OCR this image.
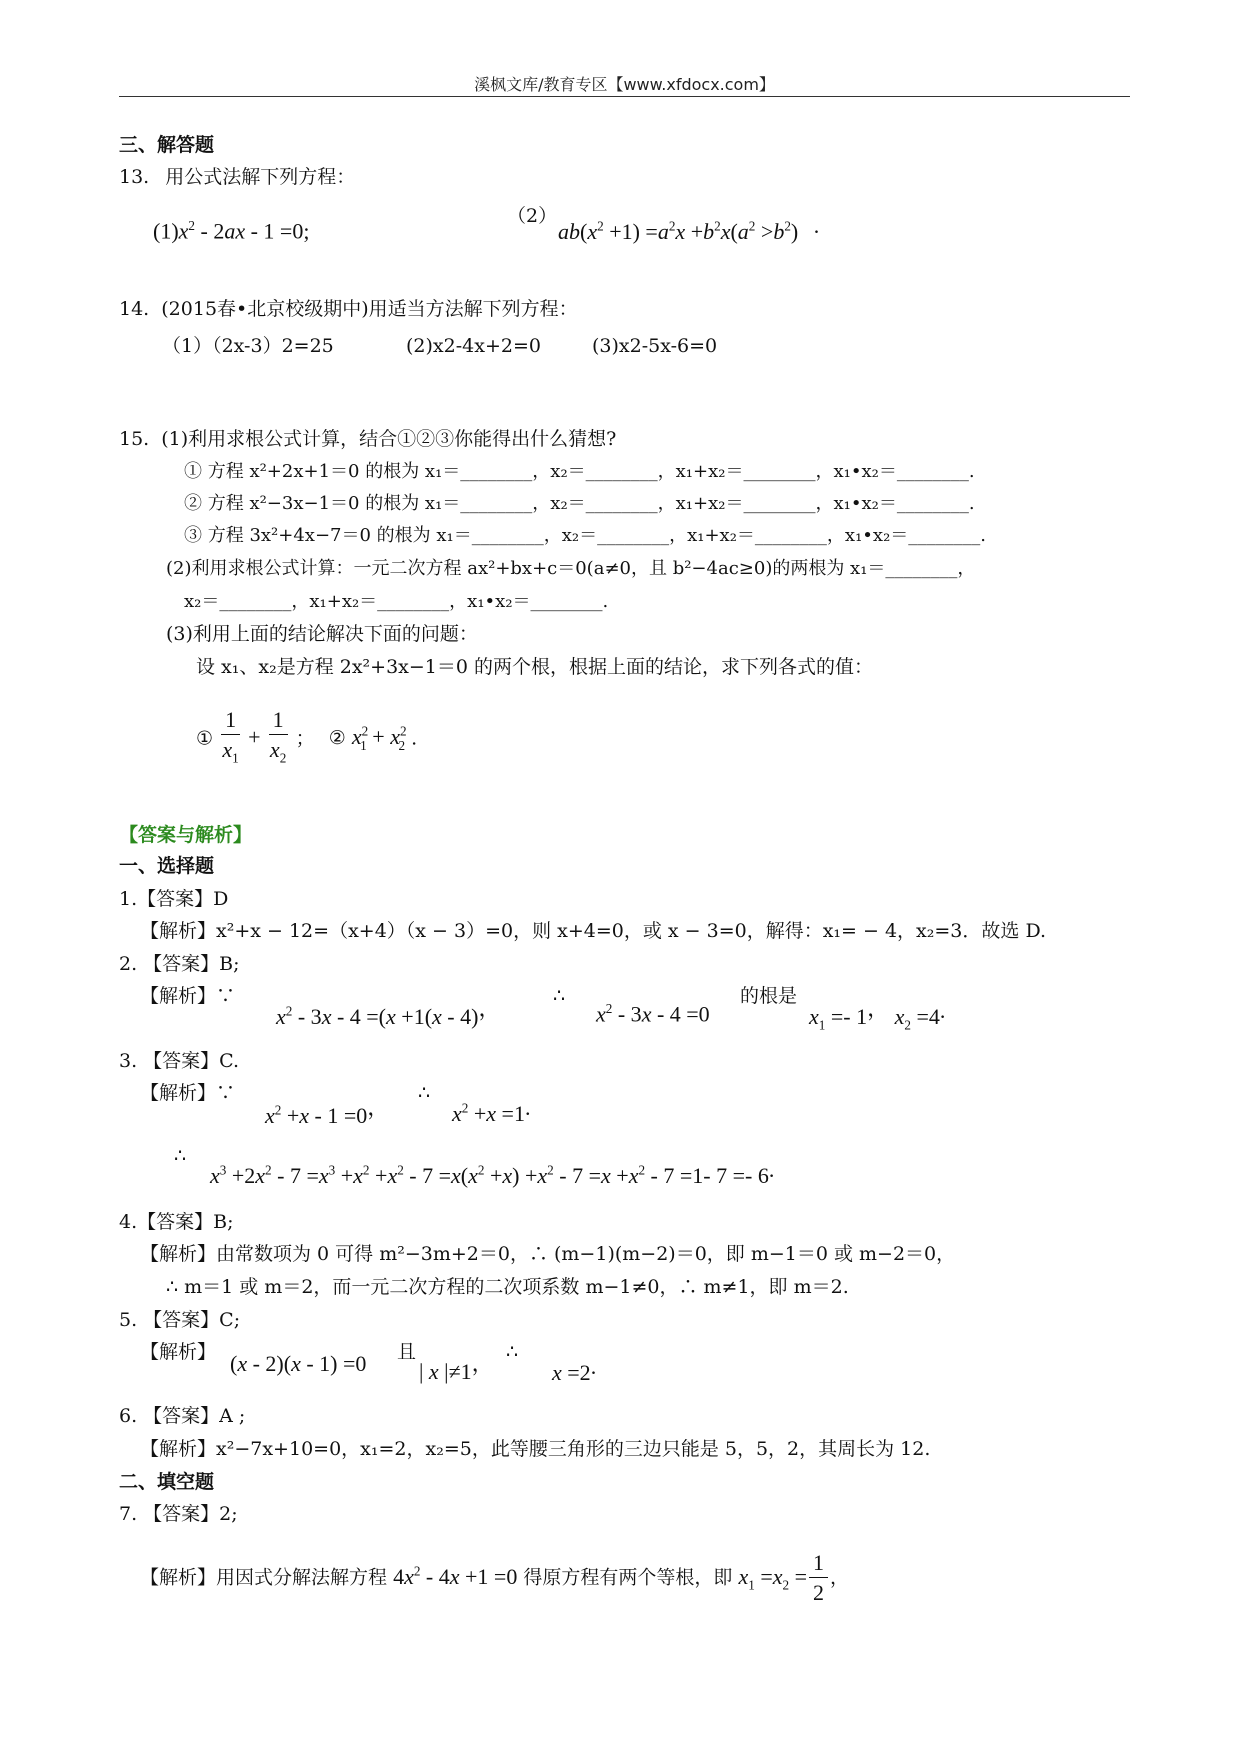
溪枫文库/教育专区【www.xfdocx.com】
三、解答题
13. 用公式法解下列方程：
$(1)x^2 - 2ax - 1 =0$;
（2）
$ab(x^2 +1) =a^2x +b^2x(a^2 >b^2)$ .
14. (2015春•北京校级期中)用适当方法解下列方程：
（1）（2x-3）2=25	(2)x2-4x+2=0	(3)x2-5x-6=0
15. (1)利用求根公式计算，结合①②③你能得出什么猜想?
① 方程 x²+2x+1＝0 的根为 x₁＝________，x₂＝________，x₁+x₂＝________，x₁•x₂＝________.
② 方程 x²−3x−1＝0 的根为 x₁＝________，x₂＝________，x₁+x₂＝________，x₁•x₂＝________.
③ 方程 3x²+4x−7＝0 的根为 x₁＝________，x₂＝________，x₁+x₂＝________，x₁•x₂＝________.
(2)利用求根公式计算：一元二次方程 ax²+bx+c＝0(a≠0，且 b²−4ac≥0)的两根为 x₁＝________，
x₂＝________，x₁+x₂＝________，x₁•x₂＝________.
(3)利用上面的结论解决下面的问题：
设 x₁、x₂是方程 2x²+3x−1＝0 的两个根，根据上面的结论，求下列各式的值：
① $\frac{1}{x_1} + \frac{1}{x_2}$ ； ② $x^2_1 + x^2_2$ .
【答案与解析】
一、选择题
1.【答案】D
【解析】x²+x − 12=（x+4）（x − 3）=0，则 x+4=0，或 x − 3=0，解得：x₁= − 4，x₂=3．故选 D.
2. 【答案】B;
【解析】∵
$x^2 - 3x - 4 =(x +1(x - 4)$，	∴
$x^2 - 3x - 4 =0$
的根是
$x_1 =- 1$， $x_2 =4$.
3. 【答案】C.
【解析】∵
$x^2 +x - 1 =0$，
∴
$x^2 +x =1$.
∴
$x^3 +2x^2 - 7 =x^3 +x^2 +x^2 - 7 =x(x^2 +x) +x^2 - 7 =x +x^2 - 7 =1-$ 7 =- 6.
4.【答案】B;
【解析】由常数项为 0 可得 m²−3m+2＝0，∴ (m−1)(m−2)＝0，即 m−1＝0 或 m−2＝0，
∴ m＝1 或 m＝2，而一元二次方程的二次项系数 m−1≠0，∴ m≠1，即 m＝2.
5. 【答案】C;
【解析】 (x - 2)(x - 1) =0 且
| x |≠1， ∴
x =2.
6. 【答案】A ;
【解析】x²−7x+10=0，x₁=2，x₂=5，此等腰三角形的三边只能是 5，5，2，其周长为 12.
二、填空题
7. 【答案】2;
【解析】用因式分解法解方程 $4x^2 - 4x +1 =0$ 得原方程有两个等根，即 $x_1 =x_2 = \frac{1}{2}$ ，
